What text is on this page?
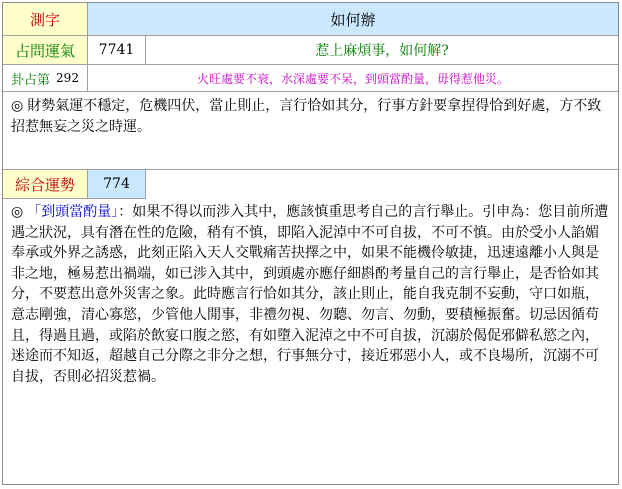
測字	如何辦
占問運氣	7741	惹上麻煩事，如何解?
卦占第 292	火旺處要不衰，水深處要不呆，到頭當酌量，毋得惹他災。
◎ 財勢氣運不穩定，危機四伏，當止則止，言行恰如其分，行事方針要拿捏得恰到好處，方不致招惹無妄之災之時運。
綜合運勢	774
◎ 「到頭當酌量」：如果不得以而涉入其中，應該慎重思考自己的言行舉止。引申為：您目前所遭遇之狀況，具有潛在性的危險，稍有不慎，即陷入泥淖中不可自拔，不可不慎。由於受小人諂媚奉承或外界之誘惑，此刻正陷入天人交戰痛苦抉擇之中，如果不能機伶敏捷，迅速遠離小人與是非之地，極易惹出禍端，如已涉入其中，到頭處亦應仔細斟酌考量自己的言行舉止，是否恰如其分，不要惹出意外災害之象。此時應言行恰如其分，該止則止，能自我克制不妄動，守口如瓶，意志剛強，清心寡慾，少管他人閒事，非禮勿視、勿聽、勿言、勿動，要積極振奮。切忌因循苟且，得過且過，或陷於飲宴口腹之慾，有如墮入泥淖之中不可自拔，沉溺於偈促邪僻私慾之內，迷途而不知返，超越自己分際之非分之想，行事無分寸，接近邪惡小人，或不良場所，沉溺不可自拔，否則必招災惹禍。
